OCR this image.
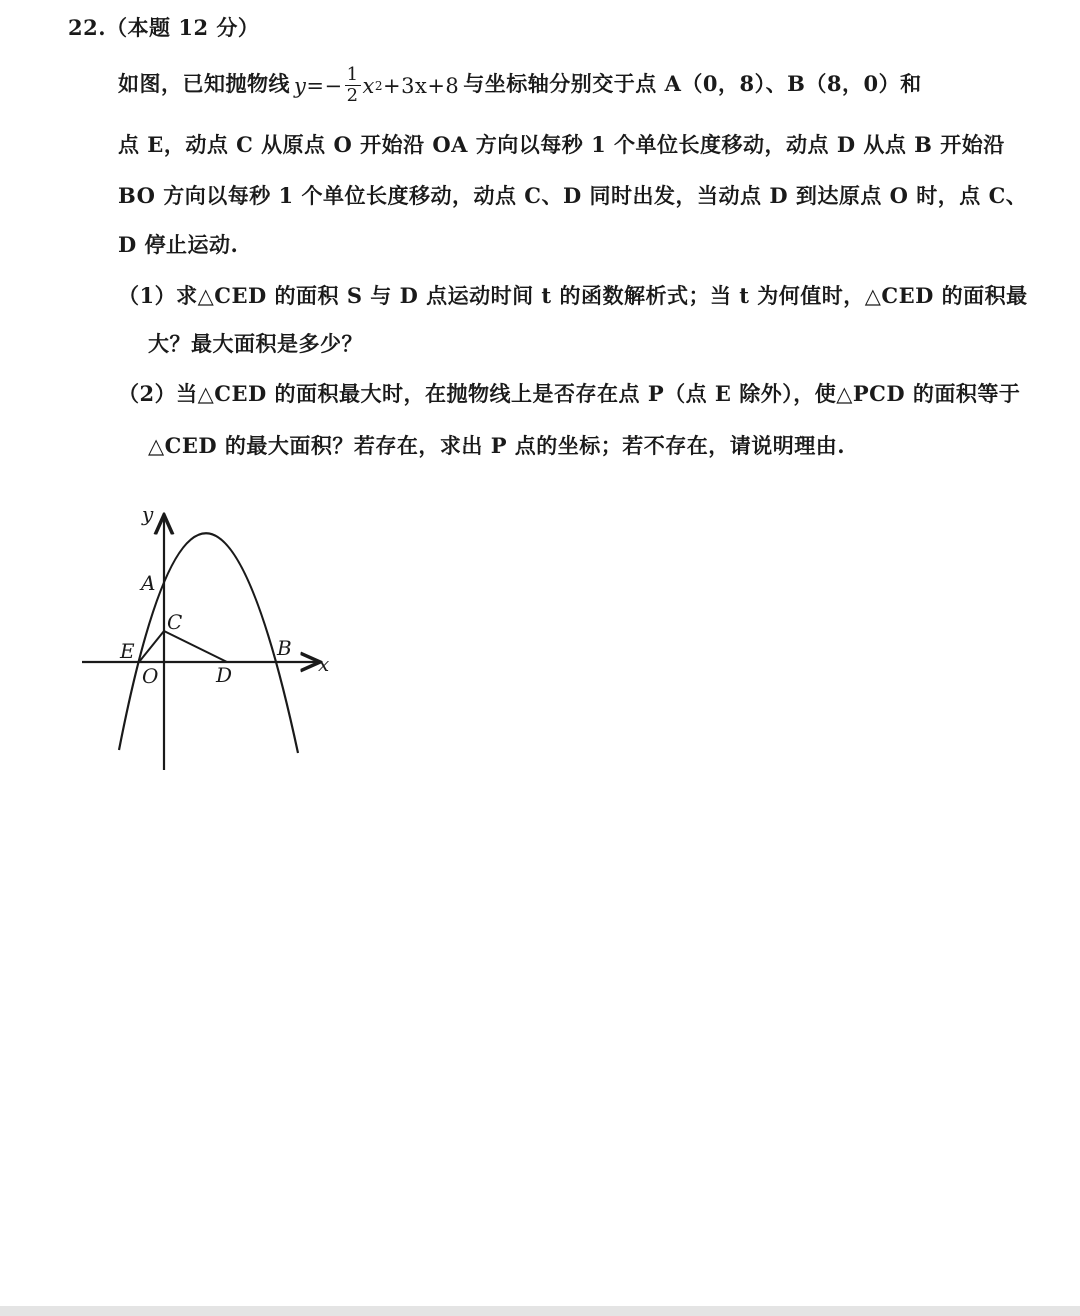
22.（本题 12 分）
如图，已知抛物线 $y =- \frac{1}{2}$ x 2 +3x+8 与坐标轴分别交于点 A（0，8）、B（8，0）和
点 E，动点 C 从原点 O 开始沿 OA 方向以每秒 1 个单位长度移动，动点 D 从点 B 开始沿
BO 方向以每秒 1 个单位长度移动，动点 C、D 同时出发，当动点 D 到达原点 O 时，点 C、
D 停止运动.
（1）求△CED 的面积 S 与 D 点运动时间 t 的函数解析式；当 t 为何值时，△CED 的面积最
大？最大面积是多少？
（2）当△CED 的面积最大时，在抛物线上是否存在点 P（点 E 除外），使△PCD 的面积等于
△CED 的最大面积？若存在，求出 P 点的坐标；若不存在，请说明理由.
y
x
A
B
C
D
E
O
